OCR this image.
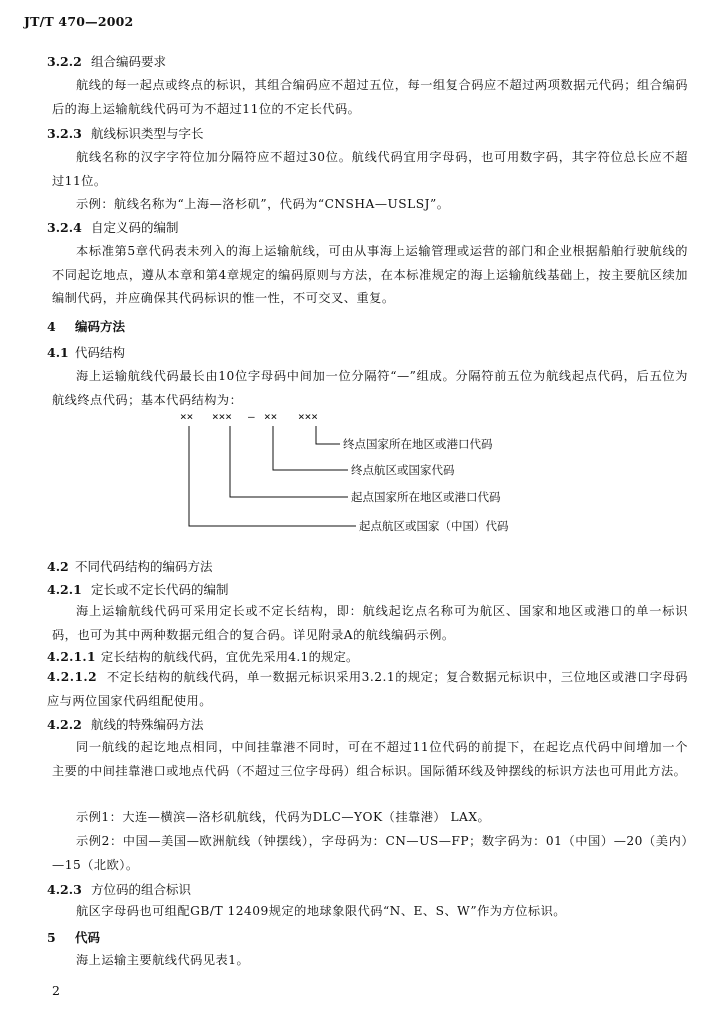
JT/T 470—2002
3.2.2 组合编码要求
航线的每一起点或终点的标识，其组合编码应不超过五位，每一组复合码应不超过两项数据元代码；组合编码后的海上运输航线代码可为不超过11位的不定长代码。
3.2.3 航线标识类型与字长
航线名称的汉字字符位加分隔符应不超过30位。航线代码宜用字母码，也可用数字码，其字符位总长应不超过11位。
示例：航线名称为“上海—洛杉矶”，代码为“CNSHA—USLSJ”。
3.2.4 自定义码的编制
本标准第5章代码表未列入的海上运输航线，可由从事海上运输管理或运营的部门和企业根据船舶行驶航线的不同起讫地点，遵从本章和第4章规定的编码原则与方法，在本标准规定的海上运输航线基础上，按主要航区续加编制代码，并应确保其代码标识的惟一性，不可交叉、重复。
4 编码方法
4.1 代码结构
海上运输航线代码最长由10位字母码中间加一位分隔符“—”组成。分隔符前五位为航线起点代码，后五位为航线终点代码；基本代码结构为：
×× ××× — ×× ×××
终点国家所在地区或港口代码
终点航区或国家代码
起点国家所在地区或港口代码
起点航区或国家（中国）代码
4.2 不同代码结构的编码方法
4.2.1 定长或不定长代码的编制
海上运输航线代码可采用定长或不定长结构，即：航线起讫点名称可为航区、国家和地区或港口的单一标识码，也可为其中两种数据元组合的复合码。详见附录A的航线编码示例。
4.2.1.1 定长结构的航线代码，宜优先采用4.1的规定。
4.2.1.2 不定长结构的航线代码，单一数据元标识采用3.2.1的规定；复合数据元标识中，三位地区或港口字母码应与两位国家代码组配使用。
4.2.2 航线的特殊编码方法
同一航线的起讫地点相同，中间挂靠港不同时，可在不超过11位代码的前提下，在起讫点代码中间增加一个主要的中间挂靠港口或地点代码（不超过三位字母码）组合标识。国际循环线及钟摆线的标识方法也可用此方法。
示例1：大连—横滨—洛杉矶航线，代码为DLC—YOK（挂靠港） LAX。
示例2：中国—美国—欧洲航线（钟摆线），字母码为：CN—US—FP；数字码为：01（中国）—20（美内）—15（北欧）。
4.2.3 方位码的组合标识
航区字母码也可组配GB/T 12409规定的地球象限代码“N、E、S、W”作为方位标识。
5 代码
海上运输主要航线代码见表1。
2
